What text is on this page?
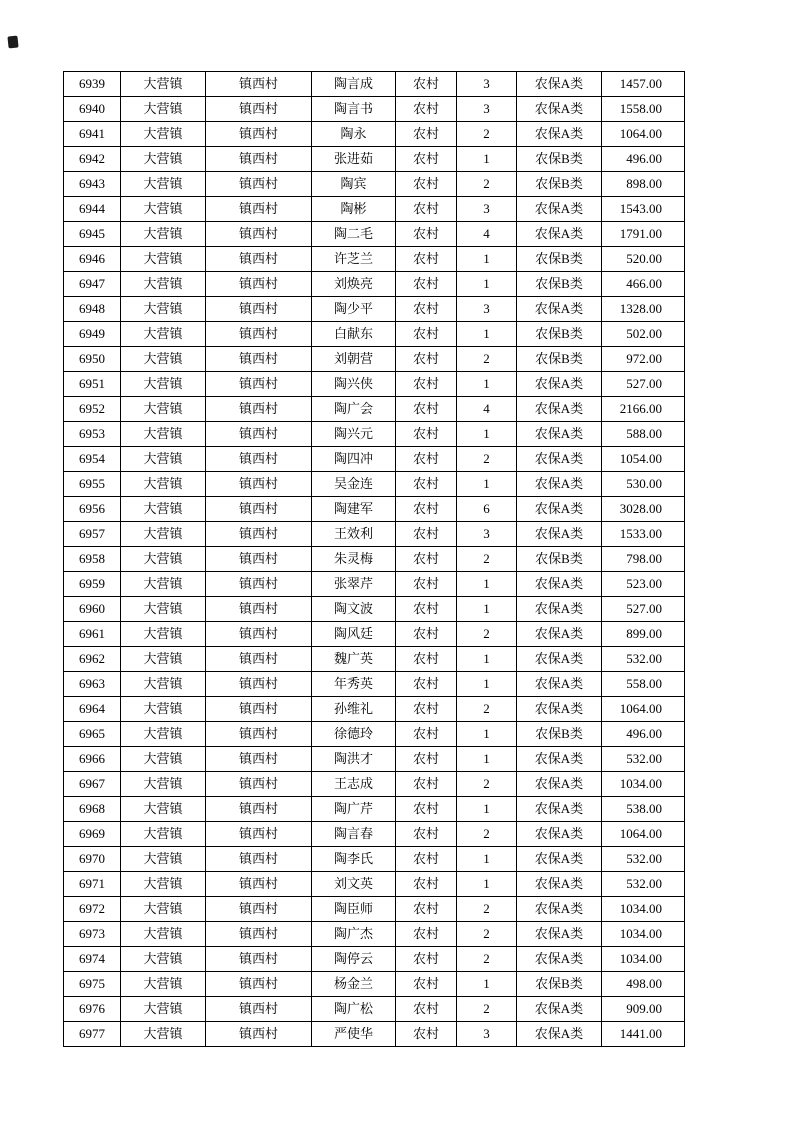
6939	大营镇	镇西村	陶言成	农村	3	农保A类	1457.00
6940	大营镇	镇西村	陶言书	农村	3	农保A类	1558.00
6941	大营镇	镇西村	陶永	农村	2	农保A类	1064.00
6942	大营镇	镇西村	张进茹	农村	1	农保B类	496.00
6943	大营镇	镇西村	陶宾	农村	2	农保B类	898.00
6944	大营镇	镇西村	陶彬	农村	3	农保A类	1543.00
6945	大营镇	镇西村	陶二毛	农村	4	农保A类	1791.00
6946	大营镇	镇西村	许芝兰	农村	1	农保B类	520.00
6947	大营镇	镇西村	刘焕亮	农村	1	农保B类	466.00
6948	大营镇	镇西村	陶少平	农村	3	农保A类	1328.00
6949	大营镇	镇西村	白献东	农村	1	农保B类	502.00
6950	大营镇	镇西村	刘朝营	农村	2	农保B类	972.00
6951	大营镇	镇西村	陶兴侠	农村	1	农保A类	527.00
6952	大营镇	镇西村	陶广会	农村	4	农保A类	2166.00
6953	大营镇	镇西村	陶兴元	农村	1	农保A类	588.00
6954	大营镇	镇西村	陶四冲	农村	2	农保A类	1054.00
6955	大营镇	镇西村	吴金连	农村	1	农保A类	530.00
6956	大营镇	镇西村	陶建军	农村	6	农保A类	3028.00
6957	大营镇	镇西村	王效利	农村	3	农保A类	1533.00
6958	大营镇	镇西村	朱灵梅	农村	2	农保B类	798.00
6959	大营镇	镇西村	张翠芹	农村	1	农保A类	523.00
6960	大营镇	镇西村	陶文波	农村	1	农保A类	527.00
6961	大营镇	镇西村	陶风廷	农村	2	农保A类	899.00
6962	大营镇	镇西村	魏广英	农村	1	农保A类	532.00
6963	大营镇	镇西村	年秀英	农村	1	农保A类	558.00
6964	大营镇	镇西村	孙维礼	农村	2	农保A类	1064.00
6965	大营镇	镇西村	徐德玲	农村	1	农保B类	496.00
6966	大营镇	镇西村	陶洪才	农村	1	农保A类	532.00
6967	大营镇	镇西村	王志成	农村	2	农保A类	1034.00
6968	大营镇	镇西村	陶广芹	农村	1	农保A类	538.00
6969	大营镇	镇西村	陶言春	农村	2	农保A类	1064.00
6970	大营镇	镇西村	陶李氏	农村	1	农保A类	532.00
6971	大营镇	镇西村	刘文英	农村	1	农保A类	532.00
6972	大营镇	镇西村	陶臣师	农村	2	农保A类	1034.00
6973	大营镇	镇西村	陶广杰	农村	2	农保A类	1034.00
6974	大营镇	镇西村	陶停云	农村	2	农保A类	1034.00
6975	大营镇	镇西村	杨金兰	农村	1	农保B类	498.00
6976	大营镇	镇西村	陶广松	农村	2	农保A类	909.00
6977	大营镇	镇西村	严使华	农村	3	农保A类	1441.00
